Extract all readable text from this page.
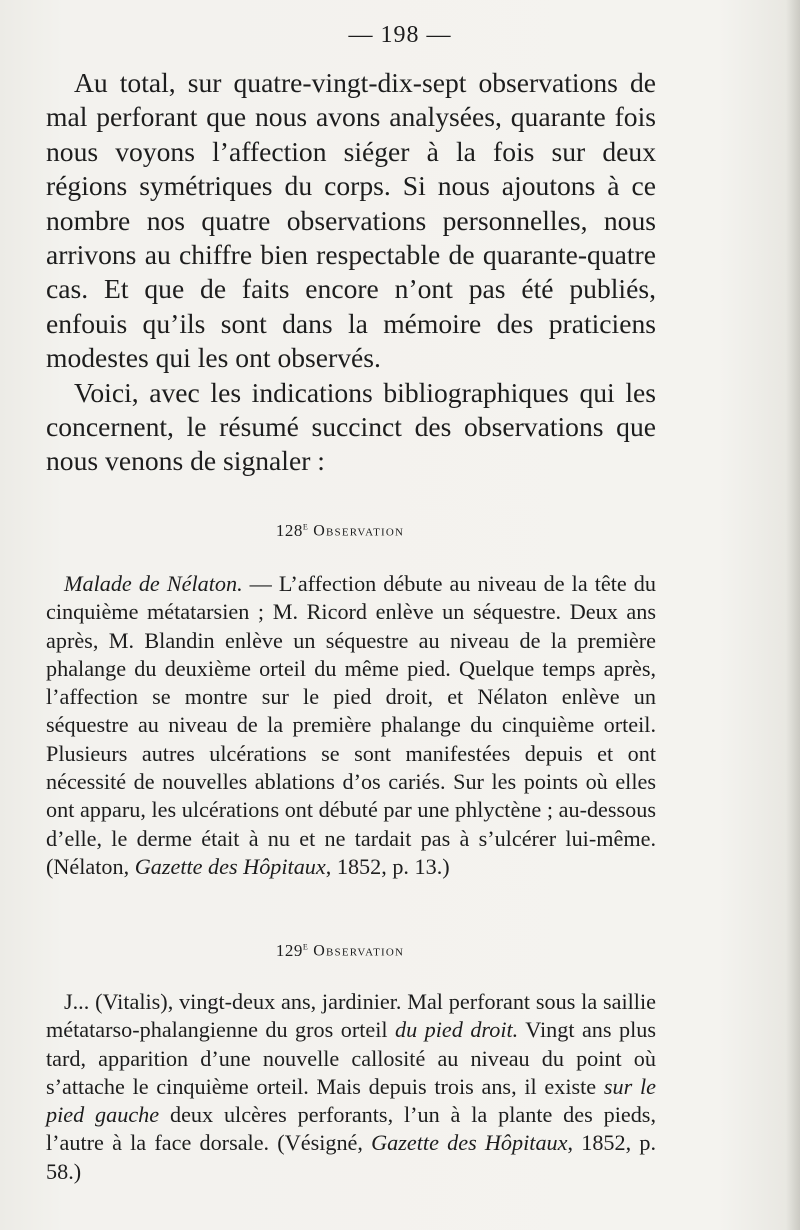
— 198 —

Au total, sur quatre-vingt-dix-sept observations de mal perforant que nous avons analysées, quarante fois nous voyons l’affection siéger à la fois sur deux régions symétriques du corps. Si nous ajoutons à ce nombre nos quatre observations personnelles, nous arrivons au chiffre bien respectable de quarante-quatre cas. Et que de faits encore n’ont pas été publiés, enfouis qu’ils sont dans la mémoire des praticiens modestes qui les ont observés.

Voici, avec les indications bibliographiques qui les concernent, le résumé succinct des observations que nous venons de signaler :

128e Observation

Malade de Nélaton. — L’affection débute au niveau de la tête du cinquième métatarsien ; M. Ricord enlève un séquestre. Deux ans après, M. Blandin enlève un séquestre au niveau de la première phalange du deuxième orteil du même pied. Quelque temps après, l’affection se montre sur le pied droit, et Nélaton enlève un séquestre au niveau de la première phalange du cinquième orteil. Plusieurs autres ulcérations se sont manifestées depuis et ont nécessité de nouvelles ablations d’os cariés. Sur les points où elles ont apparu, les ulcérations ont débuté par une phlyctène ; au-dessous d’elle, le derme était à nu et ne tardait pas à s’ulcérer lui-même. (Nélaton, Gazette des Hôpitaux, 1852, p. 13.)

129e Observation

J... (Vitalis), vingt-deux ans, jardinier. Mal perforant sous la saillie métatarso-phalangienne du gros orteil du pied droit. Vingt ans plus tard, apparition d’une nouvelle callosité au niveau du point où s’attache le cinquième orteil. Mais depuis trois ans, il existe sur le pied gauche deux ulcères perforants, l’un à la plante des pieds, l’autre à la face dorsale. (Vésigné, Gazette des Hôpitaux, 1852, p. 58.)
